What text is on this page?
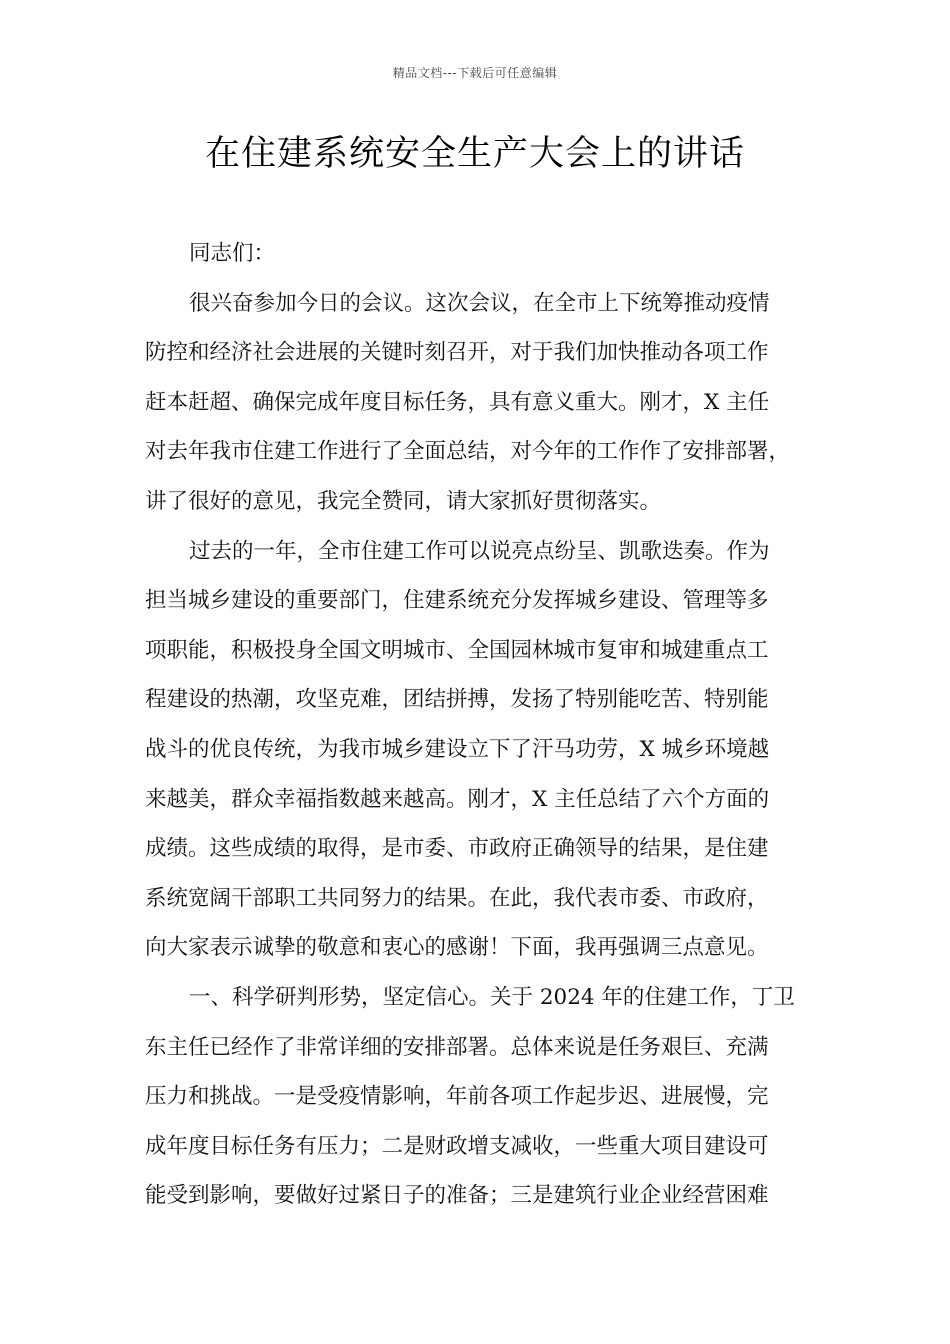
精品文档---下载后可任意编辑
在住建系统安全生产大会上的讲话
同志们：
很兴奋参加今日的会议。这次会议，在全市上下统筹推动疫情
防控和经济社会进展的关键时刻召开，对于我们加快推动各项工作
赶本赶超、确保完成年度目标任务，具有意义重大。刚才，X 主任
对去年我市住建工作进行了全面总结，对今年的工作作了安排部署，
讲了很好的意见，我完全赞同，请大家抓好贯彻落实。
过去的一年，全市住建工作可以说亮点纷呈、凯歌迭奏。作为
担当城乡建设的重要部门，住建系统充分发挥城乡建设、管理等多
项职能，积极投身全国文明城市、全国园林城市复审和城建重点工
程建设的热潮，攻坚克难，团结拼搏，发扬了特别能吃苦、特别能
战斗的优良传统，为我市城乡建设立下了汗马功劳，X 城乡环境越
来越美，群众幸福指数越来越高。刚才，X 主任总结了六个方面的
成绩。这些成绩的取得，是市委、市政府正确领导的结果，是住建
系统宽阔干部职工共同努力的结果。在此，我代表市委、市政府，
向大家表示诚挚的敬意和衷心的感谢！下面，我再强调三点意见。
一、科学研判形势，坚定信心。关于 2024 年的住建工作，丁卫
东主任已经作了非常详细的安排部署。总体来说是任务艰巨、充满
压力和挑战。一是受疫情影响，年前各项工作起步迟、进展慢，完
成年度目标任务有压力；二是财政增支减收，一些重大项目建设可
能受到影响，要做好过紧日子的准备；三是建筑行业企业经营困难
